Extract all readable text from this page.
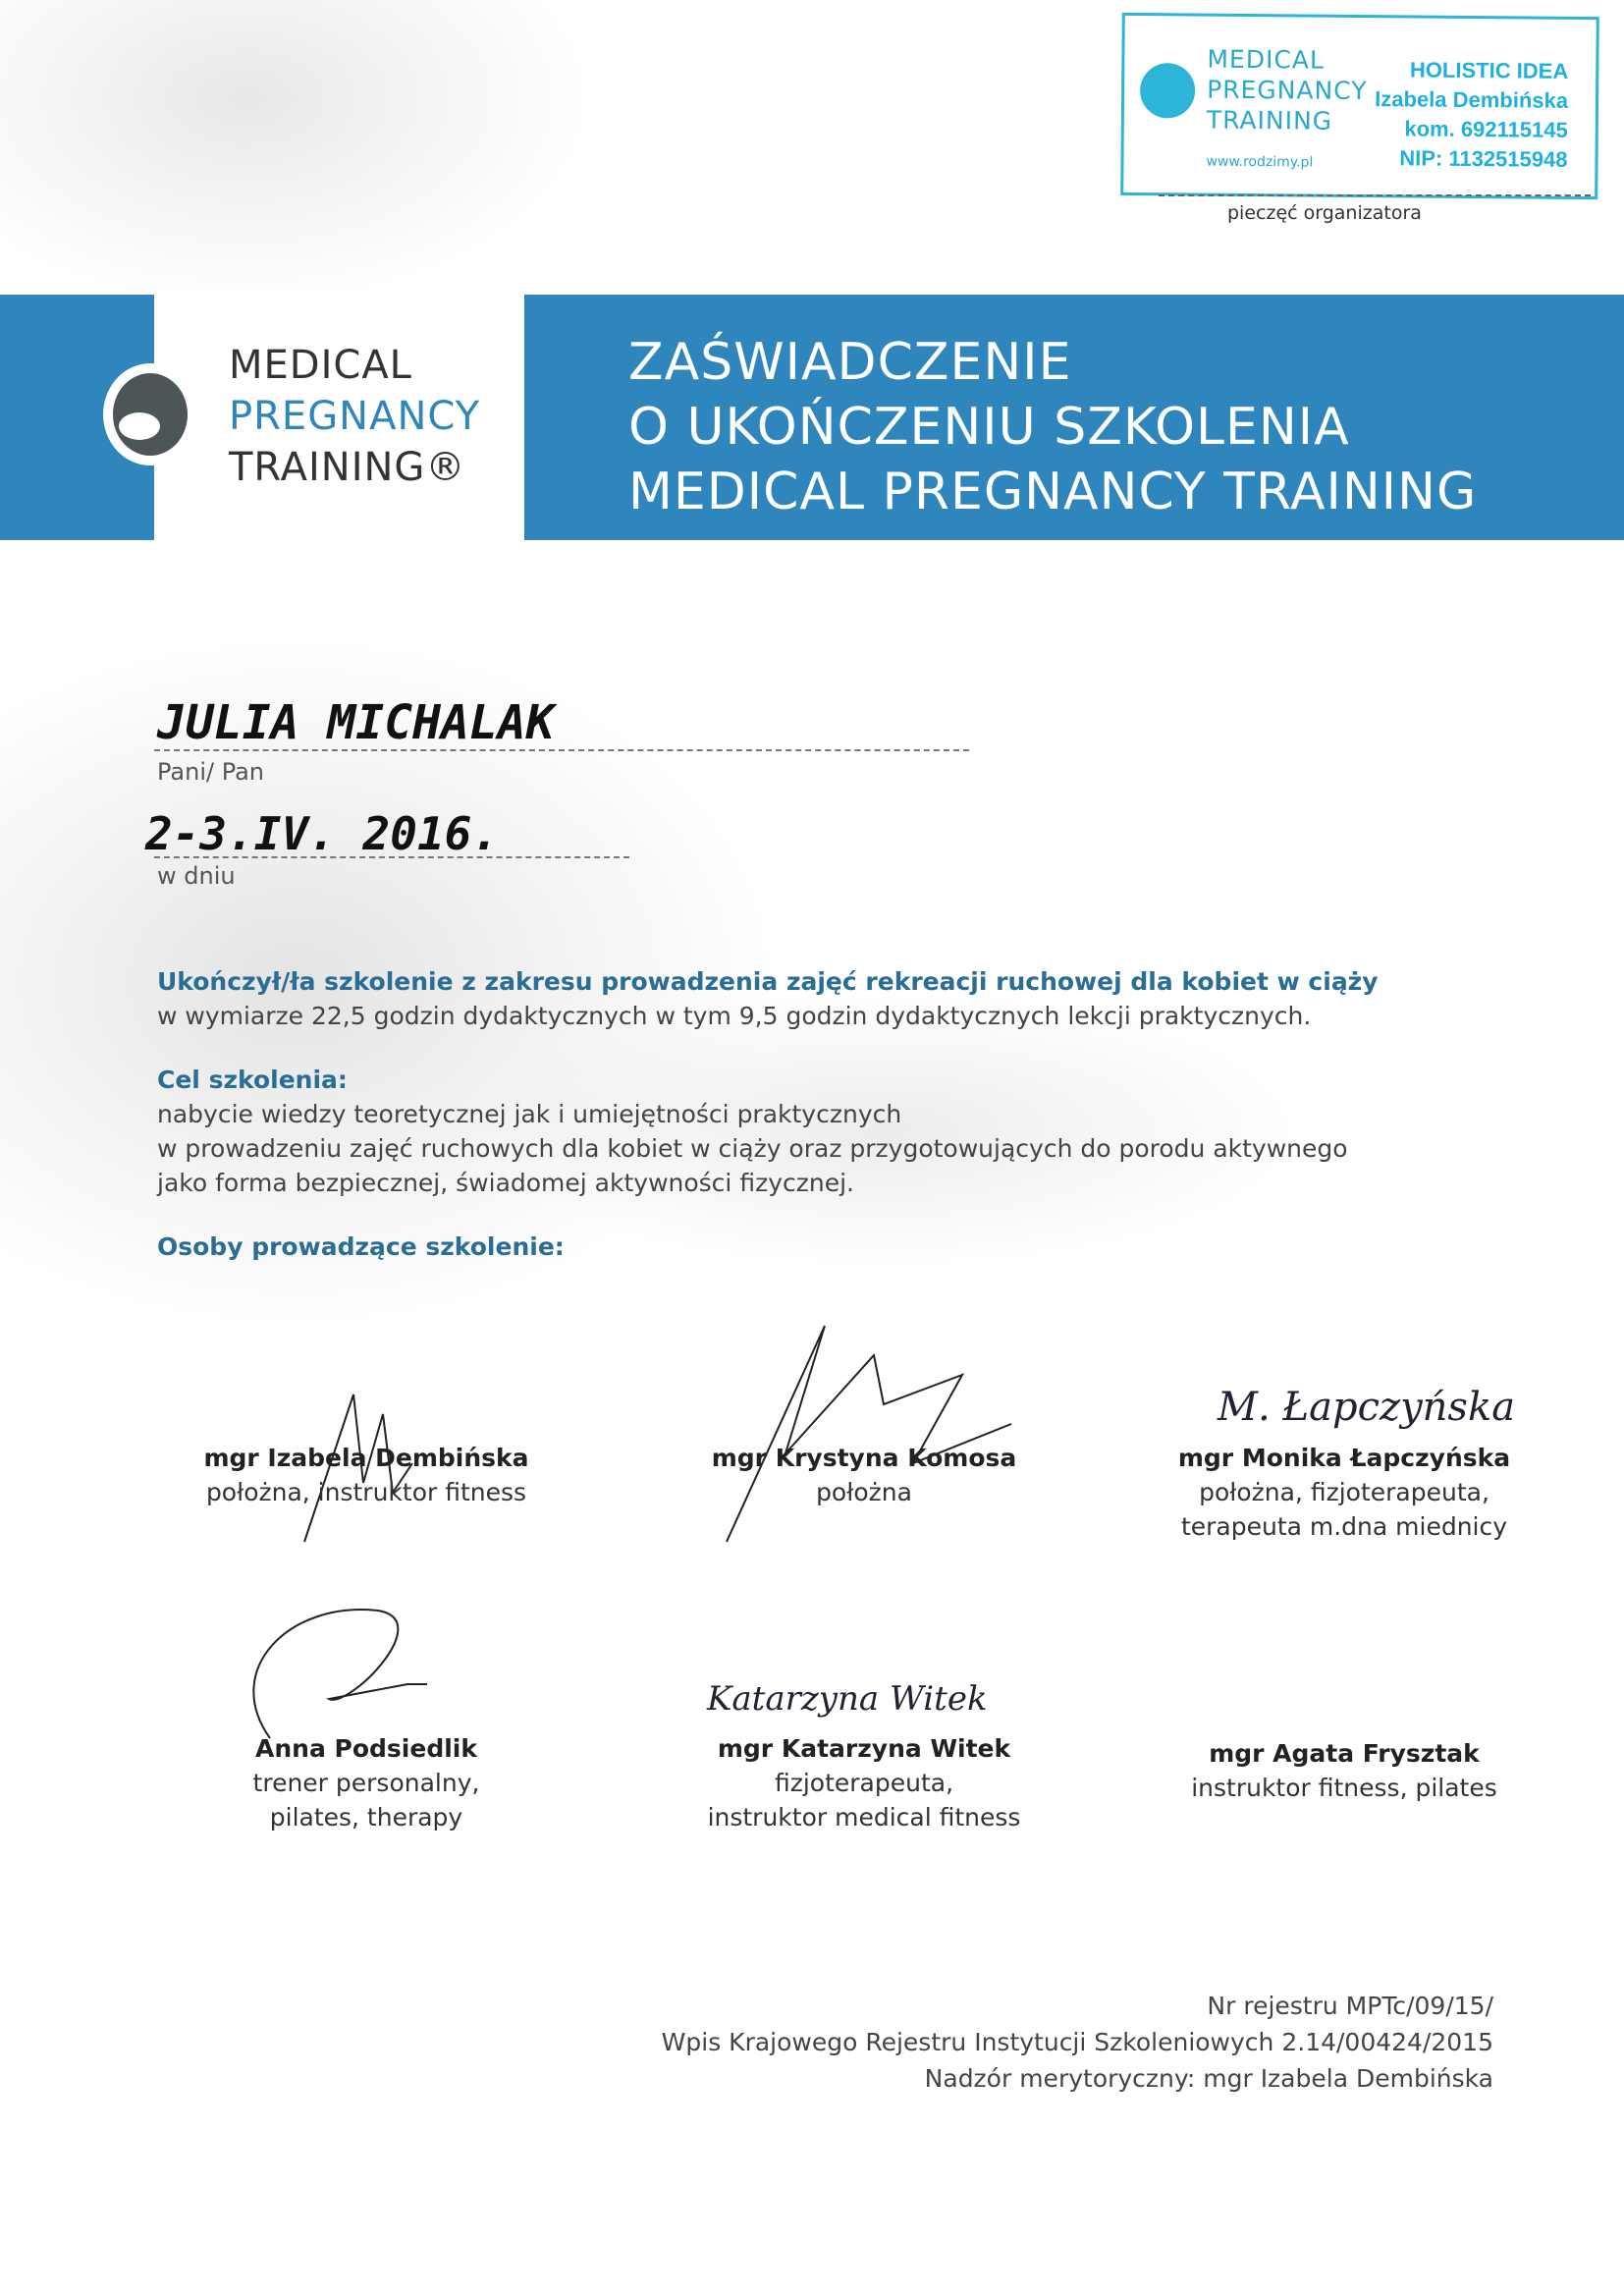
MEDICAL
PREGNANCY
TRAINING
www.rodzimy.pl
HOLISTIC IDEA
Izabela Dembińska
kom. 692115145
NIP: 1132515948
pieczęć organizatora
MEDICAL
PREGNANCY
TRAINING®
ZAŚWIADCZENIE
O UKOŃCZENIU SZKOLENIA
MEDICAL PREGNANCY TRAINING
JULIA MICHALAK
Pani/ Pan
2-3.IV. 2016.
w dniu
Ukończył/ła szkolenie z zakresu prowadzenia zajęć rekreacji ruchowej dla kobiet w ciąży
w wymiarze 22,5 godzin dydaktycznych w tym 9,5 godzin dydaktycznych lekcji praktycznych.
Cel szkolenia:
nabycie wiedzy teoretycznej jak i umiejętności praktycznych
w prowadzeniu zajęć ruchowych dla kobiet w ciąży oraz przygotowujących do porodu aktywnego
jako forma bezpiecznej, świadomej aktywności fizycznej.
Osoby prowadzące szkolenie:
M. Łapczyńska
Katarzyna Witek
mgr Izabela Dembińska
położna, instruktor fitness
mgr Krystyna Komosa
położna
mgr Monika Łapczyńska
położna, fizjoterapeuta,
terapeuta m.dna miednicy
Anna Podsiedlik
trener personalny,
pilates, therapy
mgr Katarzyna Witek
fizjoterapeuta,
instruktor medical fitness
mgr Agata Frysztak
instruktor fitness, pilates
Nr rejestru MPTc/09/15/
Wpis Krajowego Rejestru Instytucji Szkoleniowych 2.14/00424/2015
Nadzór merytoryczny: mgr Izabela Dembińska
